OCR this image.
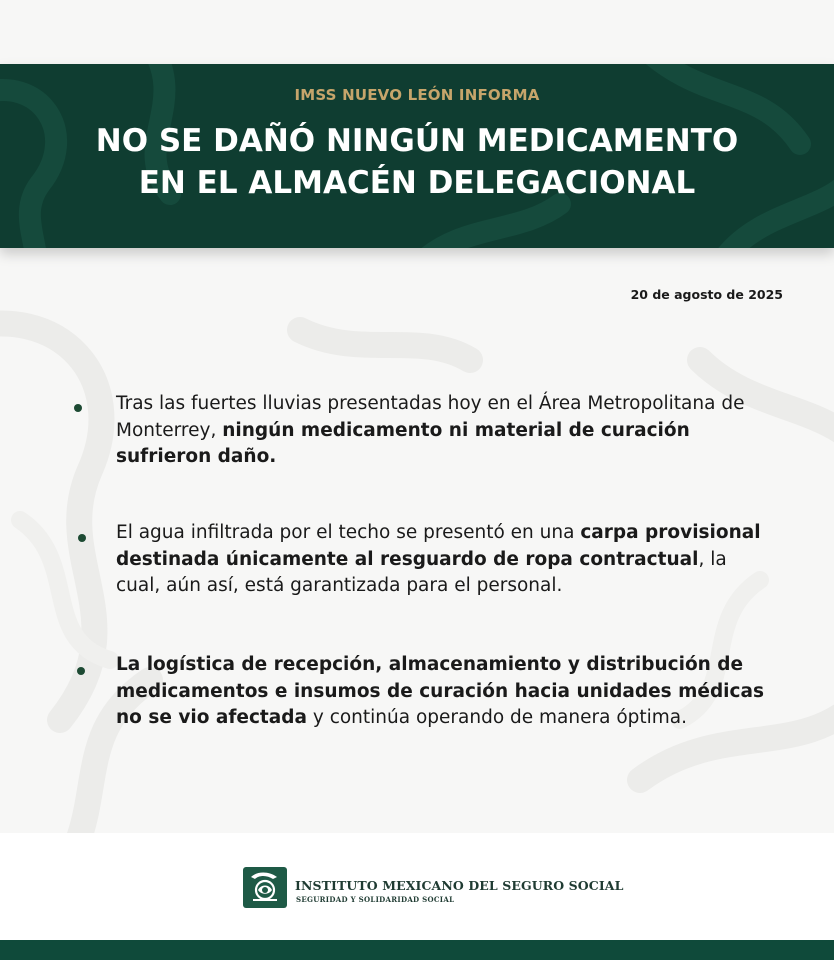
IMSS NUEVO LEÓN INFORMA
NO SE DAÑÓ NINGÚN MEDICAMENTO
EN EL ALMACÉN DELEGACIONAL
20 de agosto de 2025
Tras las fuertes lluvias presentadas hoy en el Área Metropolitana de Monterrey, ningún medicamento ni material de curación sufrieron daño.
El agua infiltrada por el techo se presentó en una carpa provisional destinada únicamente al resguardo de ropa contractual, la cual, aún así, está garantizada para el personal.
La logística de recepción, almacenamiento y distribución de medicamentos e insumos de curación hacia unidades médicas no se vio afectada y continúa operando de manera óptima.
INSTITUTO MEXICANO DEL SEGURO SOCIAL
SEGURIDAD Y SOLIDARIDAD SOCIAL
